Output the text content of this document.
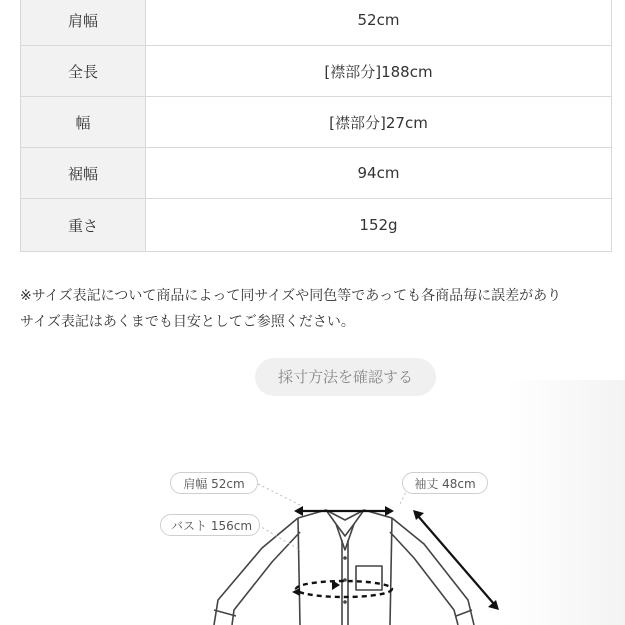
肩幅	52cm
全長	[襟部分]188cm
幅	[襟部分]27cm
裾幅	94cm
重さ	152g
※サイズ表記について商品によって同サイズや同色等であっても各商品毎に誤差があり
サイズ表記はあくまでも目安としてご参照ください。
採寸方法を確認する
肩幅 52cm
バスト 156cm
袖丈 48cm
